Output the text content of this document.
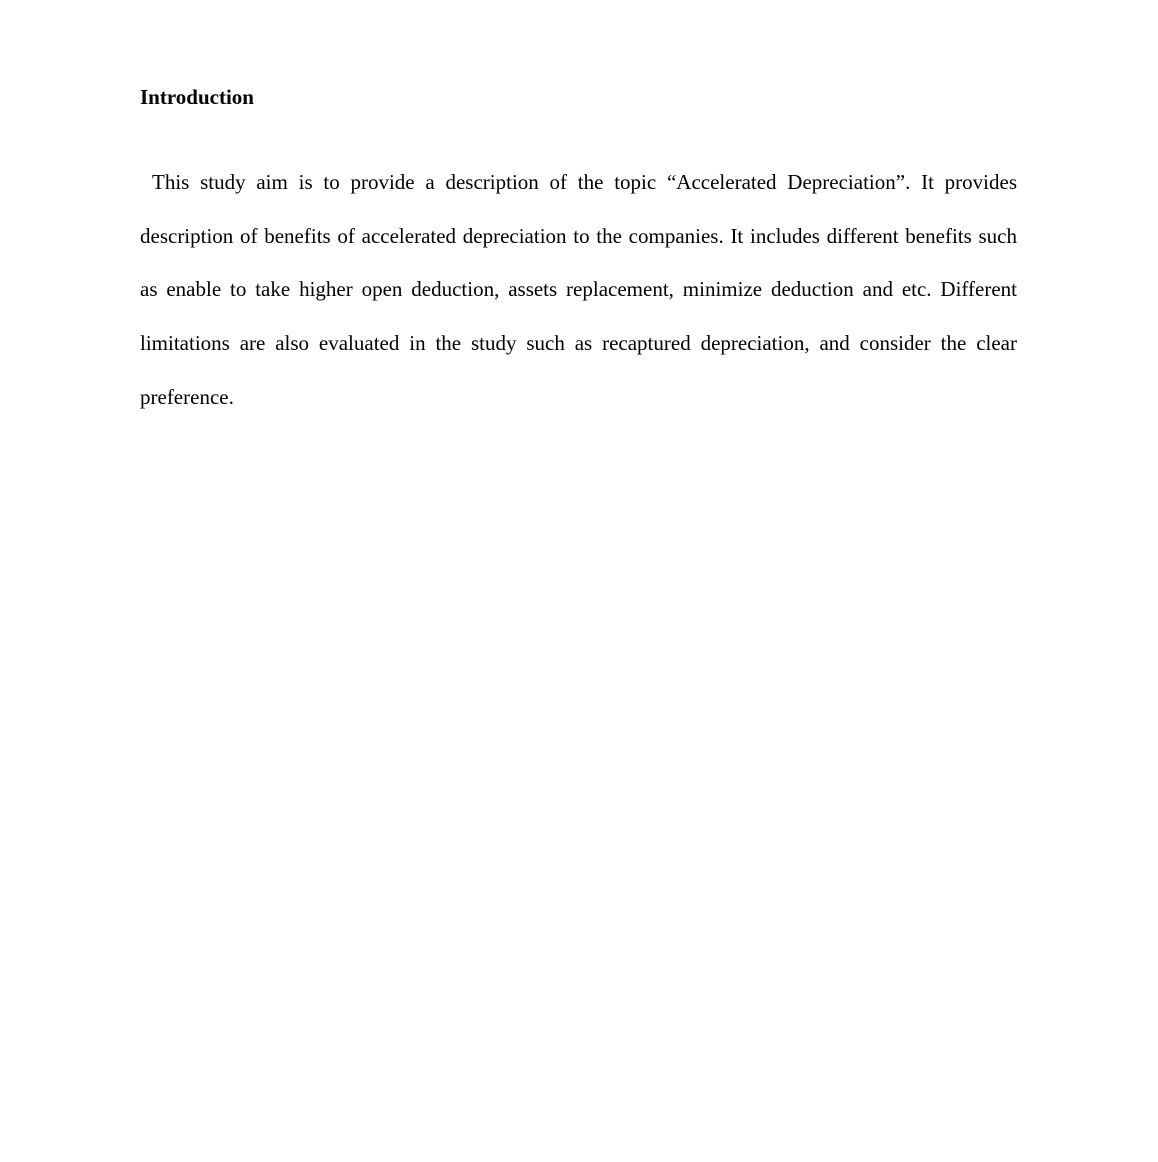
Introduction

This study aim is to provide a description of the topic “Accelerated Depreciation”. It provides description of benefits of accelerated depreciation to the companies. It includes different benefits such as enable to take higher open deduction, assets replacement, minimize deduction and etc. Different limitations are also evaluated in the study such as recaptured depreciation, and consider the clear preference.
